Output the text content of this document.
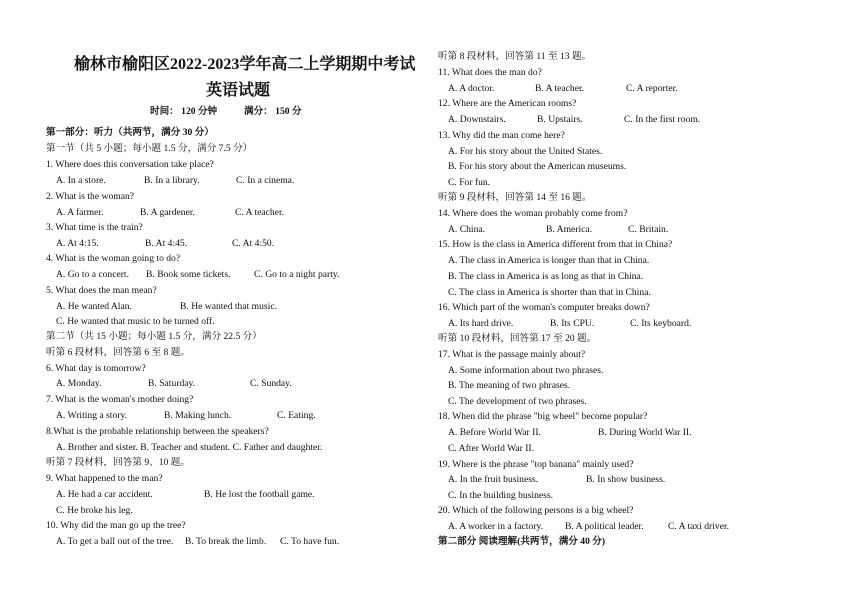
榆林市榆阳区2022-2023学年高二上学期期中考试
英语试题
时间： 120 分钟	满分： 150 分
第一部分：听力（共两节，满分 30 分）
第一节（共 5 小题；每小题 1.5 分，满分 7.5 分）
1. Where does this conversation take place?
A. In a store.	B. In a library.	C. In a cinema.
2. What is the woman?
A. A farmer.	B. A gardener.	C. A teacher.
3. What time is the train?
A. At 4:15.	B. At 4:45.	C. At 4:50.
4. What is the woman going to do?
A. Go to a concert. B. Book some tickets. C. Go to a night party.
5. What does the man mean?
A. He wanted Alan.	B. He wanted that music.
C. He wanted that music to be turned off.
第二节（共 15 小题；每小题 1.5 分，满分 22.5 分）
听第 6 段材料，回答第 6 至 8 题。
6. What day is tomorrow?
A. Monday.	B. Saturday.	C. Sunday.
7. What is the woman's mother doing?
A. Writing a story.	B. Making lunch.	C. Eating.
8.What is the probable relationship between the speakers?
A. Brother and sister. B. Teacher and student. C. Father and daughter.
听第 7 段材料，回答第 9、10 题。
9. What happened to the man?
A. He had a car accident.	B. He lost the football game.
C. He broke his leg.
10. Why did the man go up the tree?
A. To get a ball out of the tree. B. To break the limb. C. To have fun.
听第 8 段材料，回答第 11 至 13 题。
11. What does the man do?
A. A doctor.	B. A teacher.	C. A reporter.
12. Where are the American rooms?
A. Downstairs.	B. Upstairs.	C. In the first room.
13. Why did the man come here?
A. For his story about the United States.
B. For his story about the American museums.
C. For fun.
听第 9 段材料，回答第 14 至 16 题。
14. Where does the woman probably come from?
A. China.	B. America.	C. Britain.
15. How is the class in America different from that in China?
A. The class in America is longer than that in China.
B. The class in America is as long as that in China.
C. The class in America is shorter than that in China.
16. Which part of the woman's computer breaks down?
A. Its hard drive.	B. Its CPU.	C. Its keyboard.
听第 10 段材料，回答第 17 至 20 题。
17. What is the passage mainly about?
A. Some information about two phrases.
B. The meaning of two phrases.
C. The development of two phrases.
18. When did the phrase "big wheel" become popular?
A. Before World War II.	B. During World War II.
C. After World War II.
19. Where is the phrase "top banana" mainly used?
A. In the fruit business.	B. In show business.
C. In the building business.
20. Which of the following persons is a big wheel?
A. A worker in a factory. B. A political leader.	C. A taxi driver.
第二部分 阅读理解(共两节，满分 40 分)
